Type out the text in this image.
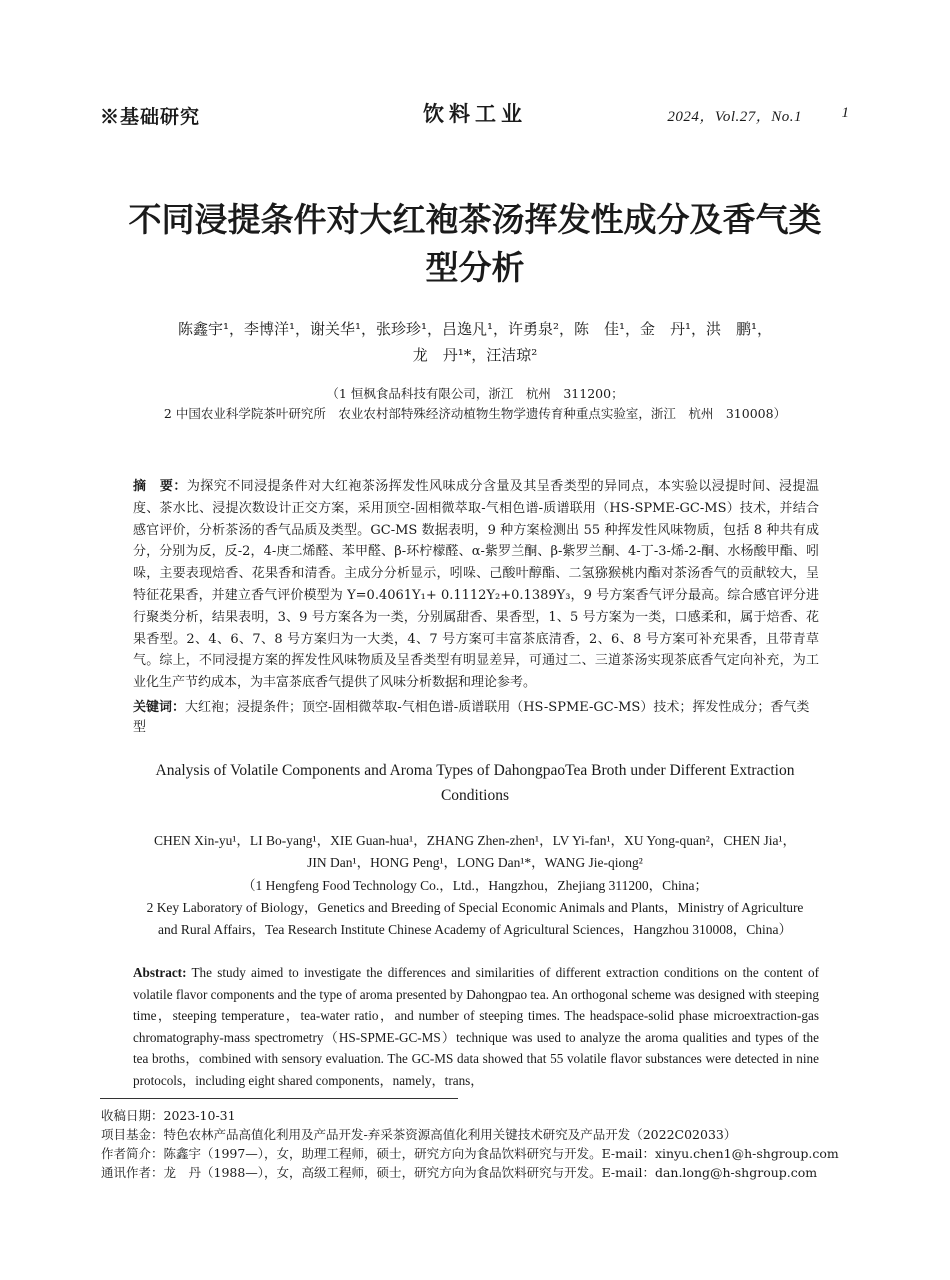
※基础研究	饮料工业	2024，Vol.27，No.1	1
不同浸提条件对大红袍茶汤挥发性成分及香气类型分析
陈鑫宇¹，李博洋¹，谢关华¹，张珍珍¹，吕逸凡¹，许勇泉²，陈　佳¹，金　丹¹，洪　鹏¹，
龙　丹¹*，汪洁琼²
（1 恒枫食品科技有限公司，浙江　杭州　311200；
2 中国农业科学院茶叶研究所　农业农村部特殊经济动植物生物学遗传育种重点实验室，浙江　杭州　310008）
摘　要：为探究不同浸提条件对大红袍茶汤挥发性风味成分含量及其呈香类型的异同点，本实验以浸提时间、浸提温度、茶水比、浸提次数设计正交方案，采用顶空-固相微萃取-气相色谱-质谱联用（HS-SPME-GC-MS）技术，并结合感官评价，分析茶汤的香气品质及类型。GC-MS 数据表明，9 种方案检测出 55 种挥发性风味物质，包括 8 种共有成分，分别为反，反-2，4-庚二烯醛、苯甲醛、β-环柠檬醛、α-紫罗兰酮、β-紫罗兰酮、4-丁-3-烯-2-酮、水杨酸甲酯、吲哚，主要表现焙香、花果香和清香。主成分分析显示，吲哚、己酸叶醇酯、二氢猕猴桃内酯对茶汤香气的贡献较大，呈特征花果香，并建立香气评价模型为 Y=0.4061Y₁+ 0.1112Y₂+0.1389Y₃，9 号方案香气评分最高。综合感官评分进行聚类分析，结果表明，3、9 号方案各为一类，分别属甜香、果香型，1、5 号方案为一类，口感柔和，属于焙香、花果香型。2、4、6、7、8 号方案归为一大类，4、7 号方案可丰富茶底清香，2、6、8 号方案可补充果香，且带青草气。综上，不同浸提方案的挥发性风味物质及呈香类型有明显差异，可通过二、三道茶汤实现茶底香气定向补充，为工业化生产节约成本，为丰富茶底香气提供了风味分析数据和理论参考。
关键词：大红袍；浸提条件；顶空-固相微萃取-气相色谱-质谱联用（HS-SPME-GC-MS）技术；挥发性成分；香气类型
Analysis of Volatile Components and Aroma Types of DahongpaoTea Broth under Different Extraction Conditions
CHEN Xin-yu¹，LI Bo-yang¹，XIE Guan-hua¹，ZHANG Zhen-zhen¹，LV Yi-fan¹，XU Yong-quan²，CHEN Jia¹，
JIN Dan¹，HONG Peng¹，LONG Dan¹*，WANG Jie-qiong²
（1 Hengfeng Food Technology Co.，Ltd.，Hangzhou，Zhejiang 311200，China；
2 Key Laboratory of Biology，Genetics and Breeding of Special Economic Animals and Plants，Ministry of Agriculture
and Rural Affairs，Tea Research Institute Chinese Academy of Agricultural Sciences，Hangzhou 310008，China）
Abstract: The study aimed to investigate the differences and similarities of different extraction conditions on the content of volatile flavor components and the type of aroma presented by Dahongpao tea. An orthogonal scheme was designed with steeping time，steeping temperature，tea-water ratio，and number of steeping times. The headspace-solid phase microextraction-gas chromatography-mass spectrometry（HS-SPME-GC-MS）technique was used to analyze the aroma qualities and types of the tea broths，combined with sensory evaluation. The GC-MS data showed that 55 volatile flavor substances were detected in nine protocols，including eight shared components，namely，trans，
收稿日期：2023-10-31
项目基金：特色农林产品高值化利用及产品开发-弃采茶资源高值化利用关键技术研究及产品开发（2022C02033）
作者简介：陈鑫宇（1997—），女，助理工程师，硕士，研究方向为食品饮料研究与开发。E-mail：xinyu.chen1@h-shgroup.com
通讯作者：龙　丹（1988—），女，高级工程师，硕士，研究方向为食品饮料研究与开发。E-mail：dan.long@h-shgroup.com
